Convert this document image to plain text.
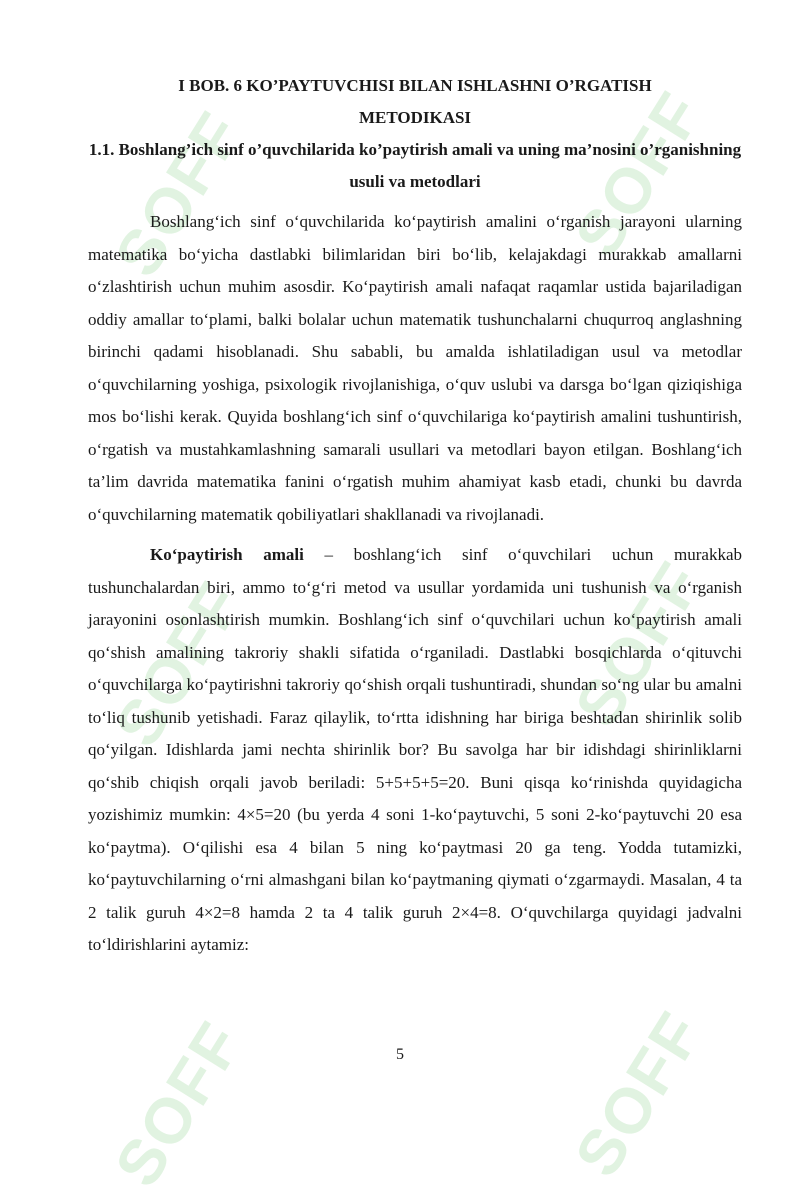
SOFF	SOFF
SOFF	SOFF
SOFF	SOFF
I BOB. 6 KO’PAYTUVCHISI BILAN ISHLASHNI O’RGATISH METODIKASI
1.1. Boshlang’ich sinf o’quvchilarida ko’paytirish amali va uning ma’nosini o’rganishning usuli va metodlari

Boshlang‘ich sinf o‘quvchilarida ko‘paytirish amalini o‘rganish jarayoni ularning matematika bo‘yicha dastlabki bilimlaridan biri bo‘lib, kelajakdagi murakkab amallarni o‘zlashtirish uchun muhim asosdir. Ko‘paytirish amali nafaqat raqamlar ustida bajariladigan oddiy amallar to‘plami, balki bolalar uchun matematik tushunchalarni chuqurroq anglashning birinchi qadami hisoblanadi. Shu sababli, bu amalda ishlatiladigan usul va metodlar o‘quvchilarning yoshiga, psixologik rivojlanishiga, o‘quv uslubi va darsga bo‘lgan qiziqishiga mos bo‘lishi kerak. Quyida boshlang‘ich sinf o‘quvchilariga ko‘paytirish amalini tushuntirish, o‘rgatish va mustahkamlashning samarali usullari va metodlari bayon etilgan. Boshlang‘ich ta’lim davrida matematika fanini o‘rgatish muhim ahamiyat kasb etadi, chunki bu davrda o‘quvchilarning matematik qobiliyatlari shakllanadi va rivojlanadi.

Ko‘paytirish amali – boshlang‘ich sinf o‘quvchilari uchun murakkab tushunchalardan biri, ammo to‘g‘ri metod va usullar yordamida uni tushunish va o‘rganish jarayonini osonlashtirish mumkin. Boshlang‘ich sinf o‘quvchilari uchun ko‘paytirish amali qo‘shish amalining takroriy shakli sifatida o‘rganiladi. Dastlabki bosqichlarda o‘qituvchi o‘quvchilarga ko‘paytirishni takroriy qo‘shish orqali tushuntiradi, shundan so‘ng ular bu amalni to‘liq tushunib yetishadi. Faraz qilaylik, to‘rtta idishning har biriga beshtadan shirinlik solib qo‘yilgan. Idishlarda jami nechta shirinlik bor? Bu savolga har bir idishdagi shirinliklarni qo‘shib chiqish orqali javob beriladi: 5+5+5+5=20. Buni qisqa ko‘rinishda quyidagicha yozishimiz mumkin: 4×5=20 (bu yerda 4 soni 1-ko‘paytuvchi, 5 soni 2-ko‘paytuvchi 20 esa ko‘paytma). O‘qilishi esa 4 bilan 5 ning ko‘paytmasi 20 ga teng. Yodda tutamizki, ko‘paytuvchilarning o‘rni almashgani bilan ko‘paytmaning qiymati o‘zgarmaydi. Masalan, 4 ta 2 talik guruh 4×2=8 hamda 2 ta 4 talik guruh 2×4=8. O‘quvchilarga quyidagi jadvalni to‘ldirishlarini aytamiz:

5
